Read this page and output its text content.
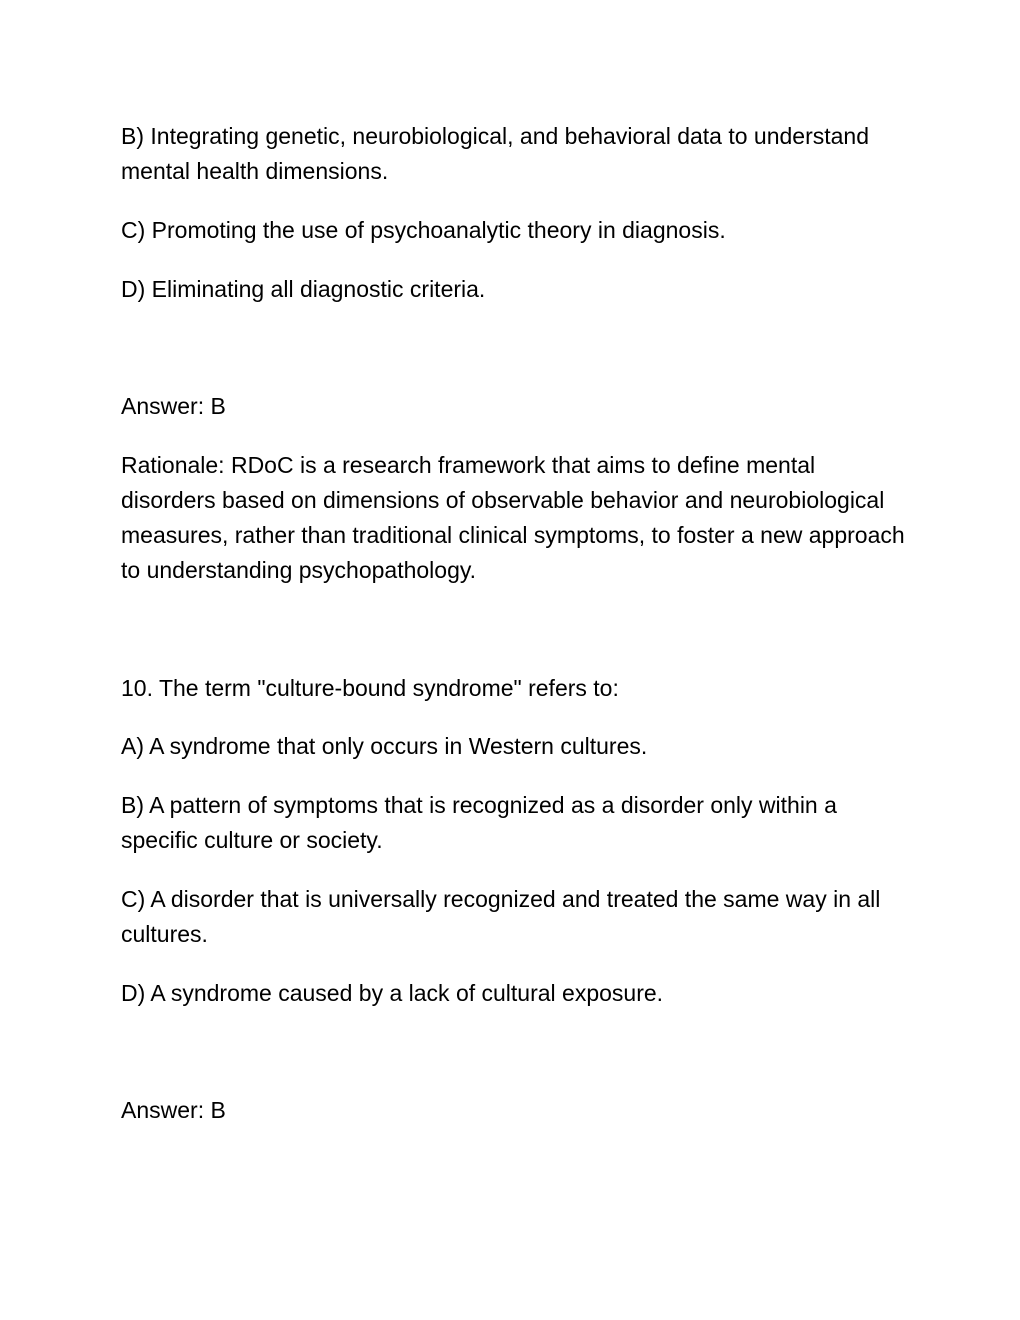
B) Integrating genetic, neurobiological, and behavioral data to understand mental health dimensions.

C) Promoting the use of psychoanalytic theory in diagnosis.

D) Eliminating all diagnostic criteria.

Answer: B

Rationale: RDoC is a research framework that aims to define mental disorders based on dimensions of observable behavior and neurobiological measures, rather than traditional clinical symptoms, to foster a new approach to understanding psychopathology.

10. The term "culture-bound syndrome" refers to:

A) A syndrome that only occurs in Western cultures.

B) A pattern of symptoms that is recognized as a disorder only within a specific culture or society.

C) A disorder that is universally recognized and treated the same way in all cultures.

D) A syndrome caused by a lack of cultural exposure.

Answer: B
